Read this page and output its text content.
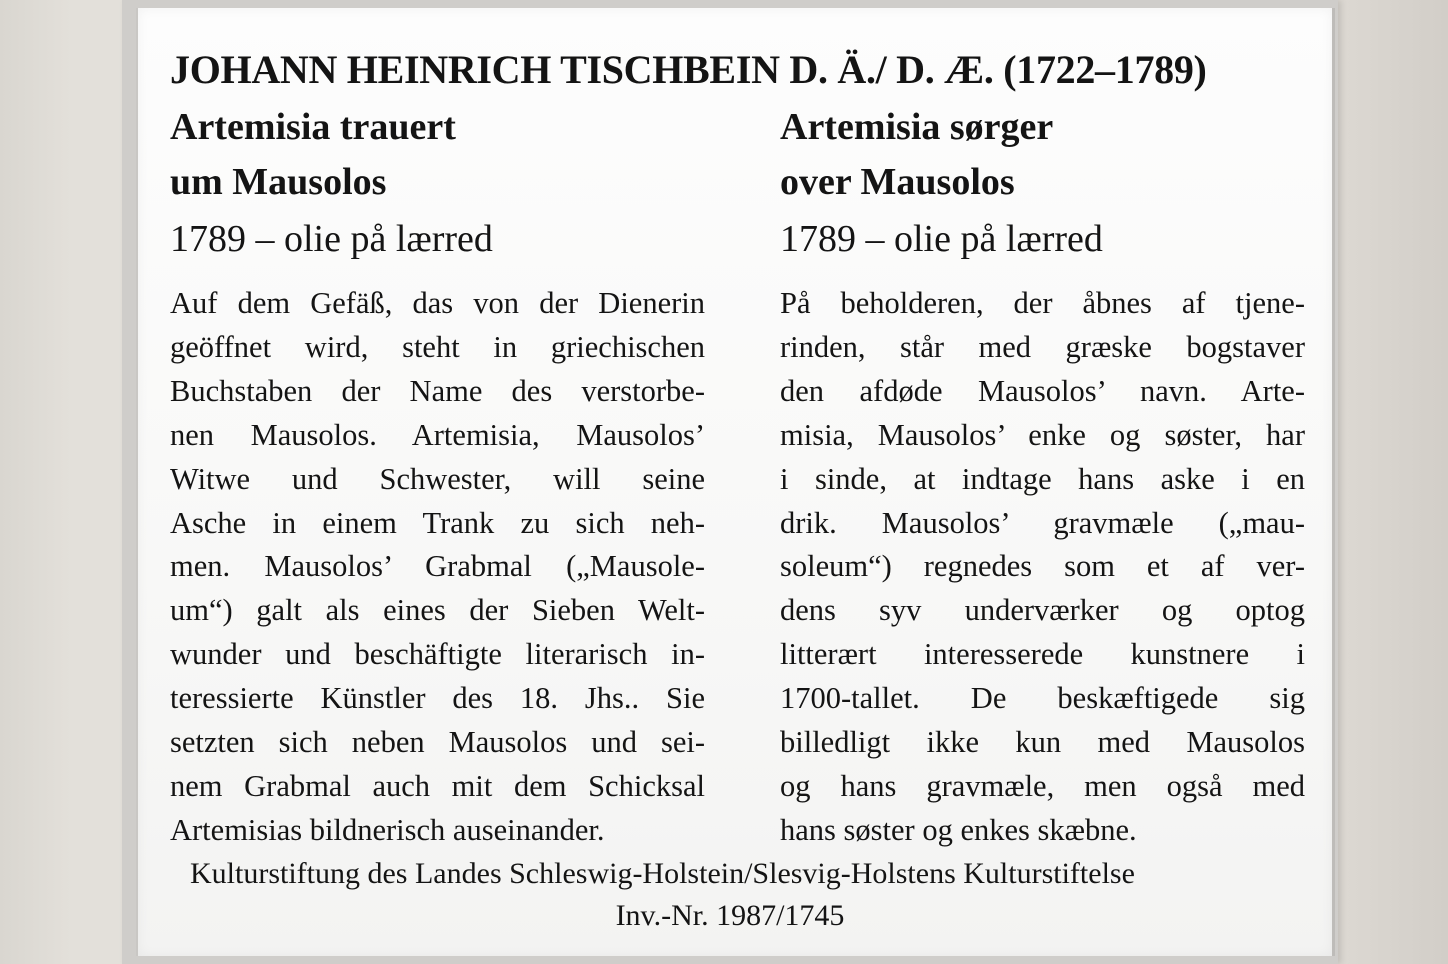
JOHANN HEINRICH TISCHBEIN D. Ä./ D. Æ. (1722–1789)

Artemisia trauert

um Mausolos

1789 – olie på lærred

Auf dem Gefäß, das von der Dienerin
geöffnet wird, steht in griechischen
Buchstaben der Name des verstorbe-
nen Mausolos. Artemisia, Mausolos’
Witwe und Schwester, will seine
Asche in einem Trank zu sich neh-
men. Mausolos’ Grabmal („Mausole-
um“) galt als eines der Sieben Welt-
wunder und beschäftigte literarisch in-
teressierte Künstler des 18. Jhs.. Sie
setzten sich neben Mausolos und sei-
nem Grabmal auch mit dem Schicksal
Artemisias bildnerisch auseinander.

Artemisia sørger

over Mausolos

1789 – olie på lærred

På beholderen, der åbnes af tjene-
rinden, står med græske bogstaver
den afdøde Mausolos’ navn. Arte-
misia, Mausolos’ enke og søster, har
i sinde, at indtage hans aske i en
drik. Mausolos’ gravmæle („mau-
soleum“) regnedes som et af ver-
dens syv underværker og optog
litterært interesserede kunstnere i
1700-tallet. De beskæftigede sig
billedligt ikke kun med Mausolos
og hans gravmæle, men også med
hans søster og enkes skæbne.

Kulturstiftung des Landes Schleswig-Holstein/Slesvig-Holstens Kulturstiftelse
Inv.-Nr. 1987/1745
